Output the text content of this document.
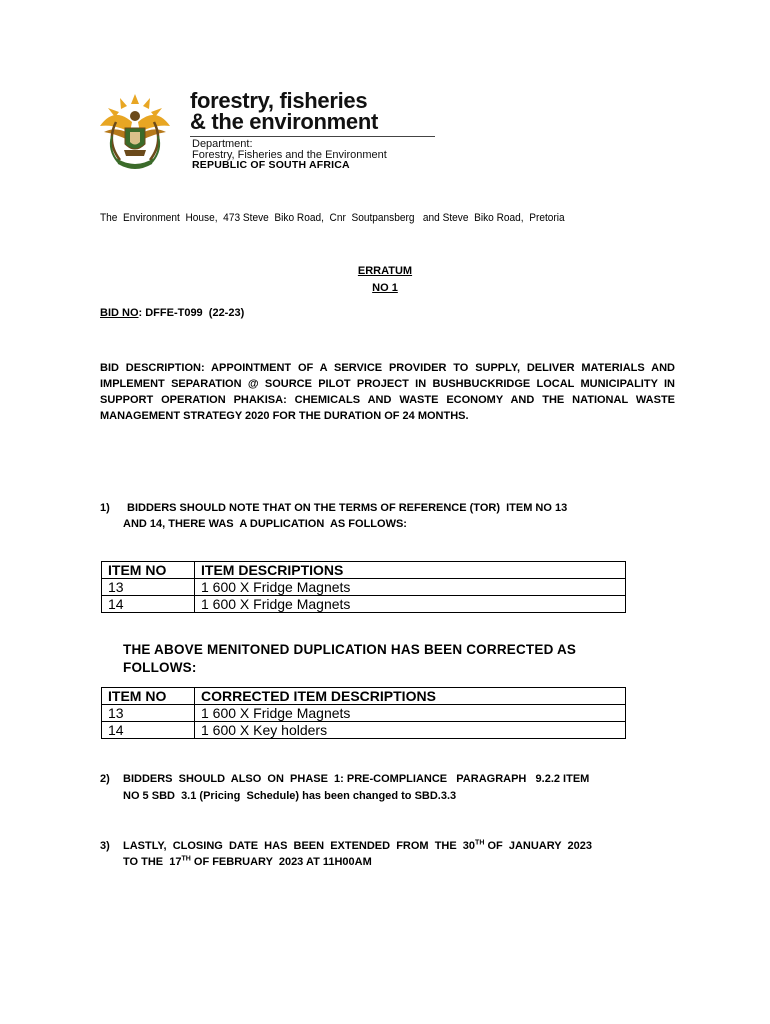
forestry, fisheries
& the environment
Department:
Forestry, Fisheries and the Environment
REPUBLIC OF SOUTH AFRICA
The  Environment  House,  473 Steve  Biko Road,  Cnr  Soutpansberg   and Steve  Biko Road,  Pretoria
ERRATUM
NO 1
BID NO: DFFE-T099  (22-23)
BID DESCRIPTION: APPOINTMENT OF A SERVICE PROVIDER TO SUPPLY, DELIVER MATERIALS AND IMPLEMENT SEPARATION @ SOURCE PILOT PROJECT IN BUSHBUCKRIDGE LOCAL MUNICIPALITY IN SUPPORT OPERATION PHAKISA: CHEMICALS AND WASTE ECONOMY AND THE NATIONAL WASTE MANAGEMENT STRATEGY 2020 FOR THE DURATION OF 24 MONTHS.
1) BIDDERS SHOULD NOTE THAT ON THE TERMS OF REFERENCE (TOR)  ITEM NO 13
AND 14, THERE WAS  A DUPLICATION  AS FOLLOWS:
ITEM NO	ITEM DESCRIPTIONS
13	1 600 X Fridge Magnets
14	1 600 X Fridge Magnets
THE ABOVE MENITONED DUPLICATION HAS BEEN CORRECTED AS
FOLLOWS:
ITEM NO	CORRECTED ITEM DESCRIPTIONS
13	1 600 X Fridge Magnets
14	1 600 X Key holders
2) BIDDERS  SHOULD  ALSO  ON  PHASE  1: PRE-COMPLIANCE   PARAGRAPH   9.2.2 ITEM
NO 5 SBD  3.1 (Pricing  Schedule) has been changed to SBD.3.3
3) LASTLY,  CLOSING  DATE  HAS  BEEN  EXTENDED  FROM  THE  30TH OF  JANUARY  2023
TO THE  17TH OF FEBRUARY  2023 AT 11H00AM
